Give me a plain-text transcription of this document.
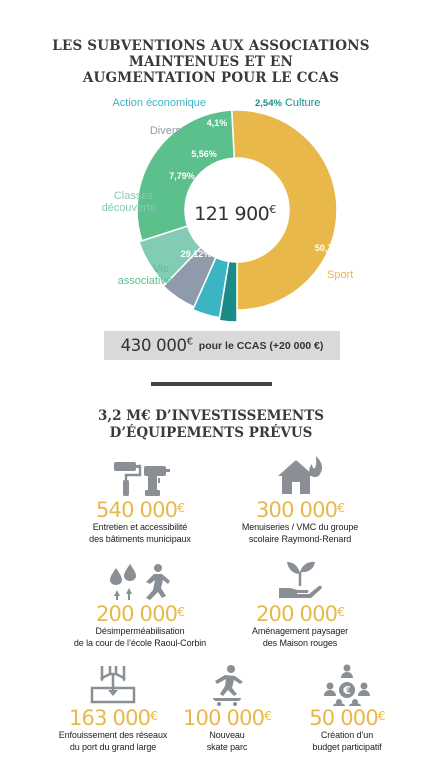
LES SUBVENTIONS AUX ASSOCIATIONS
MAINTENUES ET EN
AUGMENTATION POUR LE CCAS
121 900€
50,78%
29,12%
7,79%
5,56%
4,1%
Sport
Vie associative
Classes découverte
Divers
Action économique	2,54% Culture
430 000€ pour le CCAS (+20 000 €)
3,2 M€ D’INVESTISSEMENTS
D’ÉQUIPEMENTS PRÉVUS
540 000€
Entretien et accessibilité
des bâtiments municipaux
300 000€
Menuiseries / VMC du groupe
scolaire Raymond-Renard
200 000€
Désimperméabilisation
de la cour de l’école Raoul-Corbin
200 000€
Aménagement paysager
des Maison rouges
163 000€
Enfouissement des réseaux
du port du grand large
100 000€
Nouveau
skate parc
€
50 000€
Création d’un
budget participatif
